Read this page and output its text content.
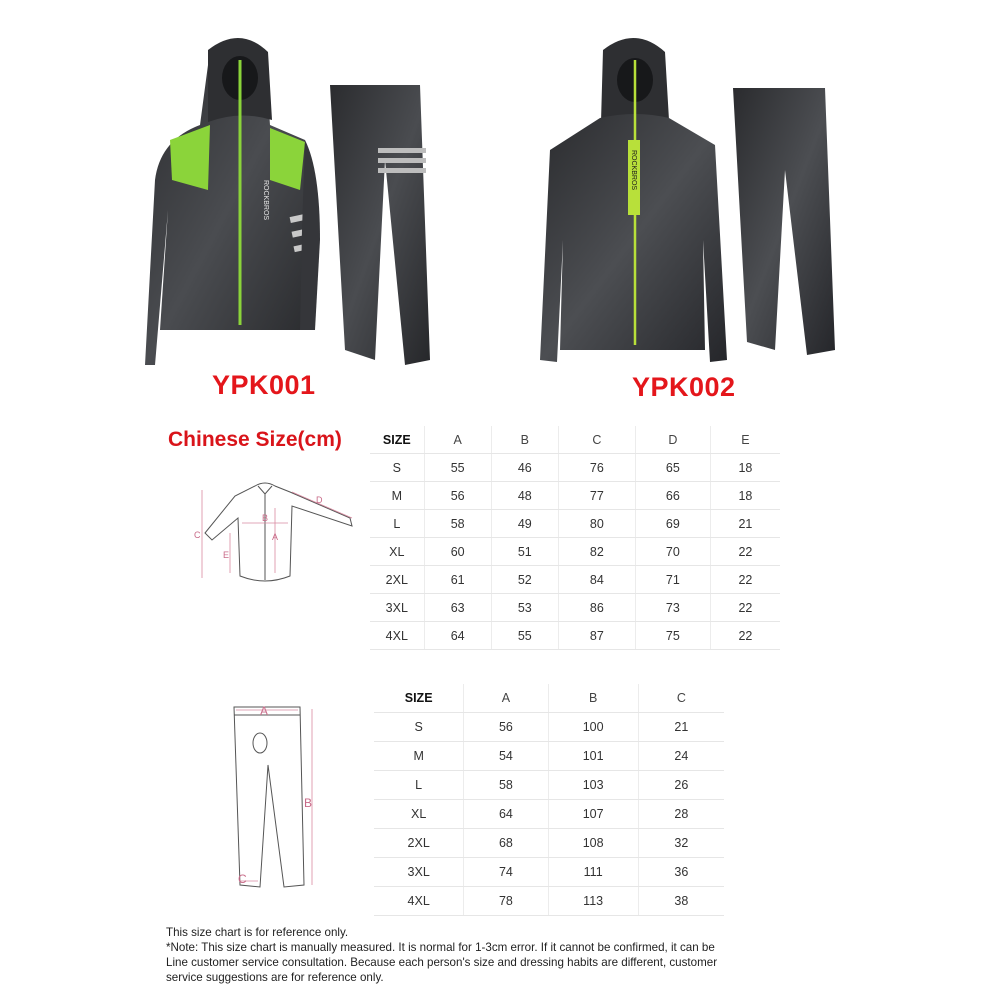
ROCKBROS
YPK001
ROCKBROS
YPK002
Chinese Size(cm)
A
B
C
D
E
SIZE	A	B	C	D	E
S	55	46	76	65	18
M	56	48	77	66	18
L	58	49	80	69	21
XL	60	51	82	70	22
2XL	61	52	84	71	22
3XL	63	53	86	73	22
4XL	64	55	87	75	22
A
B
C
SIZE	A	B	C
S	56	100	21
M	54	101	24
L	58	103	26
XL	64	107	28
2XL	68	108	32
3XL	74	111	36
4XL	78	113	38
This size chart is for reference only.
*Note: This size chart is manually measured. It is normal for 1-3cm error. If it cannot be confirmed, it can be
Line customer service consultation. Because each person's size and dressing habits are different, customer
service suggestions are for reference only.
